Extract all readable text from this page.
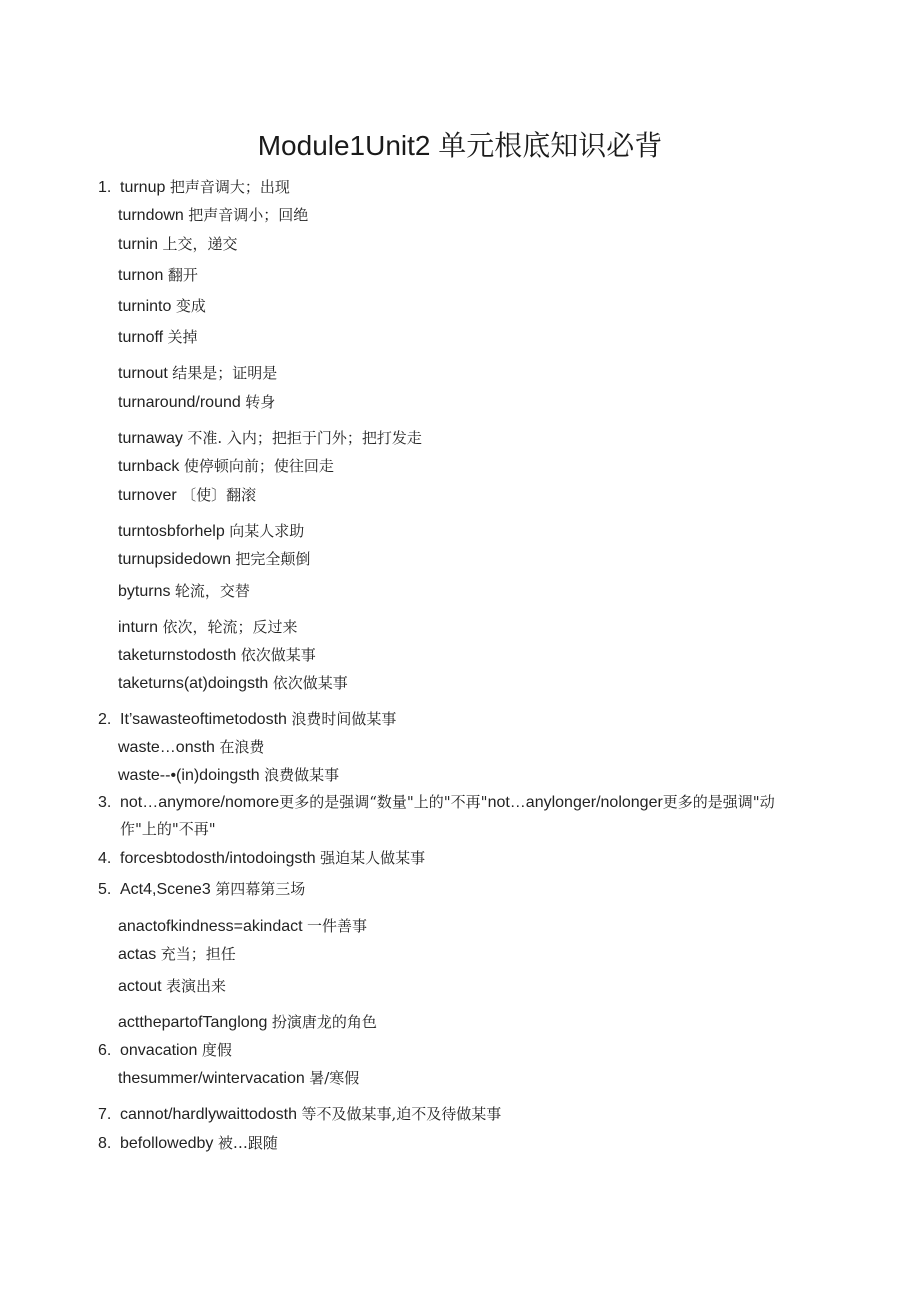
Module1Unit2 单元根底知识必背
1. turnup 把声音调大；出现
turndown 把声音调小；回绝
turnin 上交，递交
turnon 翻开
turninto 变成
turnoff 关掉
turnout 结果是；证明是
turnaround/round 转身
turnaway 不准. 入内；把拒于门外；把打发走
turnback 使停顿向前；使往回走
turnover 〔使〕翻滚
turntosbforhelp 向某人求助
turnupsidedown 把完全颠倒
byturns 轮流，交替
inturn 依次，轮流；反过来
taketurnstodosth 依次做某事
taketurns(at)doingsth 依次做某事
2. It’sawasteoftimetodosth 浪费时间做某事
waste…onsth 在浪费
waste--•(in)doingsth 浪费做某事
3. not…anymore/nomore更多的是强调“数量"上的"不再"not…anylonger/nolonger更多的是强调"动
作"上的"不再"
4. forcesbtodosth/intodoingsth 强迫某人做某事
5. Act4,Scene3 第四幕第三场
anactofkindness=akindact 一件善事
actas 充当；担任
actout 表演出来
actthepartofTanglong 扮演唐龙的角色
6. onvacation 度假
thesummer/wintervacation 暑/寒假
7. cannot/hardlywaittodosth 等不及做某事,迫不及待做某事
8. befollowedby 被…跟随
